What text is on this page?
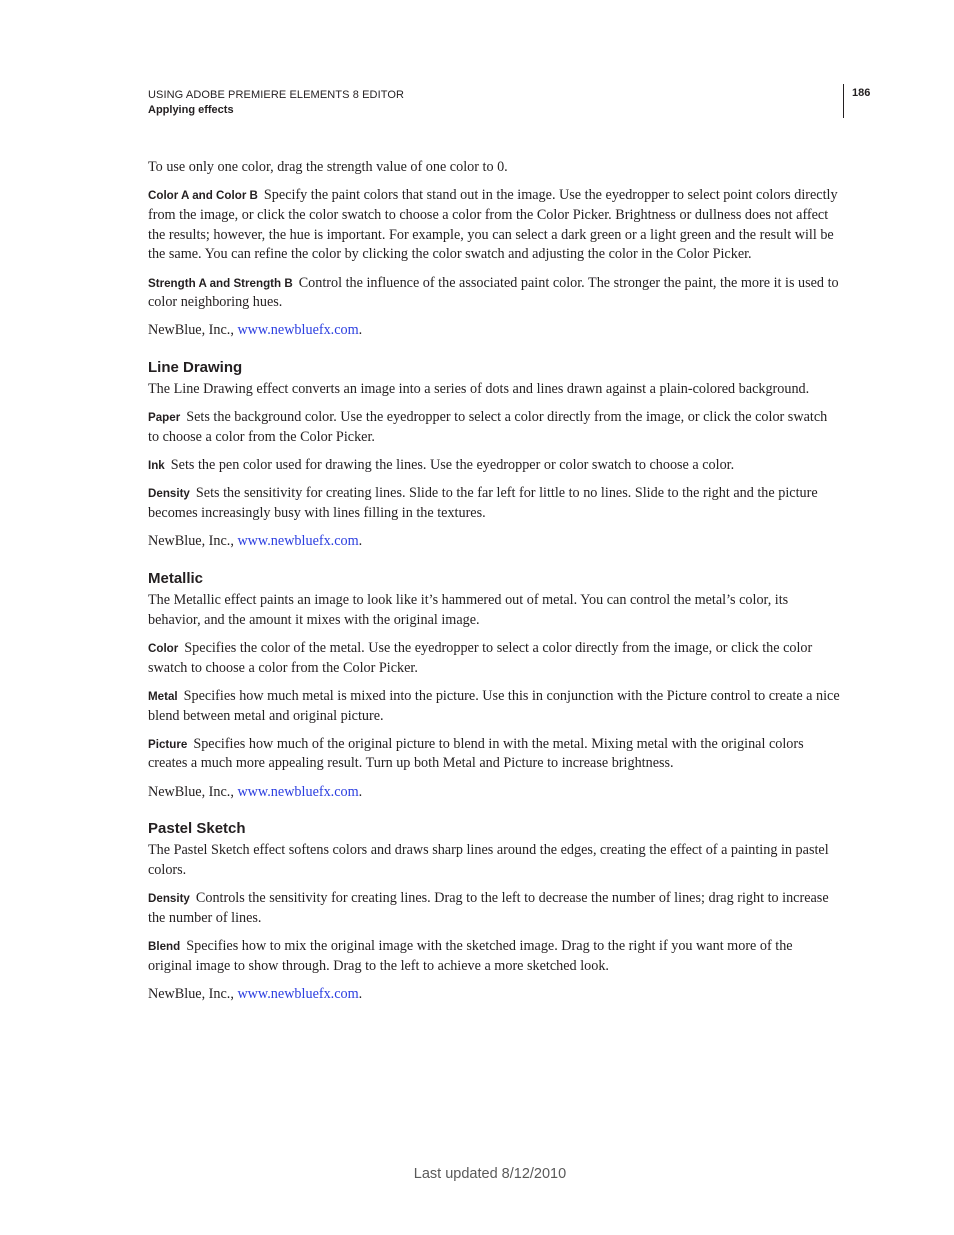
USING ADOBE PREMIERE ELEMENTS 8 EDITOR
Applying effects
186

To use only one color, drag the strength value of one color to 0.

Color A and Color B Specify the paint colors that stand out in the image. Use the eyedropper to select point colors directly from the image, or click the color swatch to choose a color from the Color Picker. Brightness or dullness does not affect the results; however, the hue is important. For example, you can select a dark green or a light green and the result will be the same. You can refine the color by clicking the color swatch and adjusting the color in the Color Picker.

Strength A and Strength B Control the influence of the associated paint color. The stronger the paint, the more it is used to color neighboring hues.

NewBlue, Inc., www.newbluefx.com.

Line Drawing

The Line Drawing effect converts an image into a series of dots and lines drawn against a plain-colored background.

Paper Sets the background color. Use the eyedropper to select a color directly from the image, or click the color swatch to choose a color from the Color Picker.

Ink Sets the pen color used for drawing the lines. Use the eyedropper or color swatch to choose a color.

Density Sets the sensitivity for creating lines. Slide to the far left for little to no lines. Slide to the right and the picture becomes increasingly busy with lines filling in the textures.

NewBlue, Inc., www.newbluefx.com.

Metallic

The Metallic effect paints an image to look like it’s hammered out of metal. You can control the metal’s color, its behavior, and the amount it mixes with the original image.

Color Specifies the color of the metal. Use the eyedropper to select a color directly from the image, or click the color swatch to choose a color from the Color Picker.

Metal Specifies how much metal is mixed into the picture. Use this in conjunction with the Picture control to create a nice blend between metal and original picture.

Picture Specifies how much of the original picture to blend in with the metal. Mixing metal with the original colors creates a much more appealing result. Turn up both Metal and Picture to increase brightness.

NewBlue, Inc., www.newbluefx.com.

Pastel Sketch

The Pastel Sketch effect softens colors and draws sharp lines around the edges, creating the effect of a painting in pastel colors.

Density Controls the sensitivity for creating lines. Drag to the left to decrease the number of lines; drag right to increase the number of lines.

Blend Specifies how to mix the original image with the sketched image. Drag to the right if you want more of the original image to show through. Drag to the left to achieve a more sketched look.

NewBlue, Inc., www.newbluefx.com.

Last updated 8/12/2010
